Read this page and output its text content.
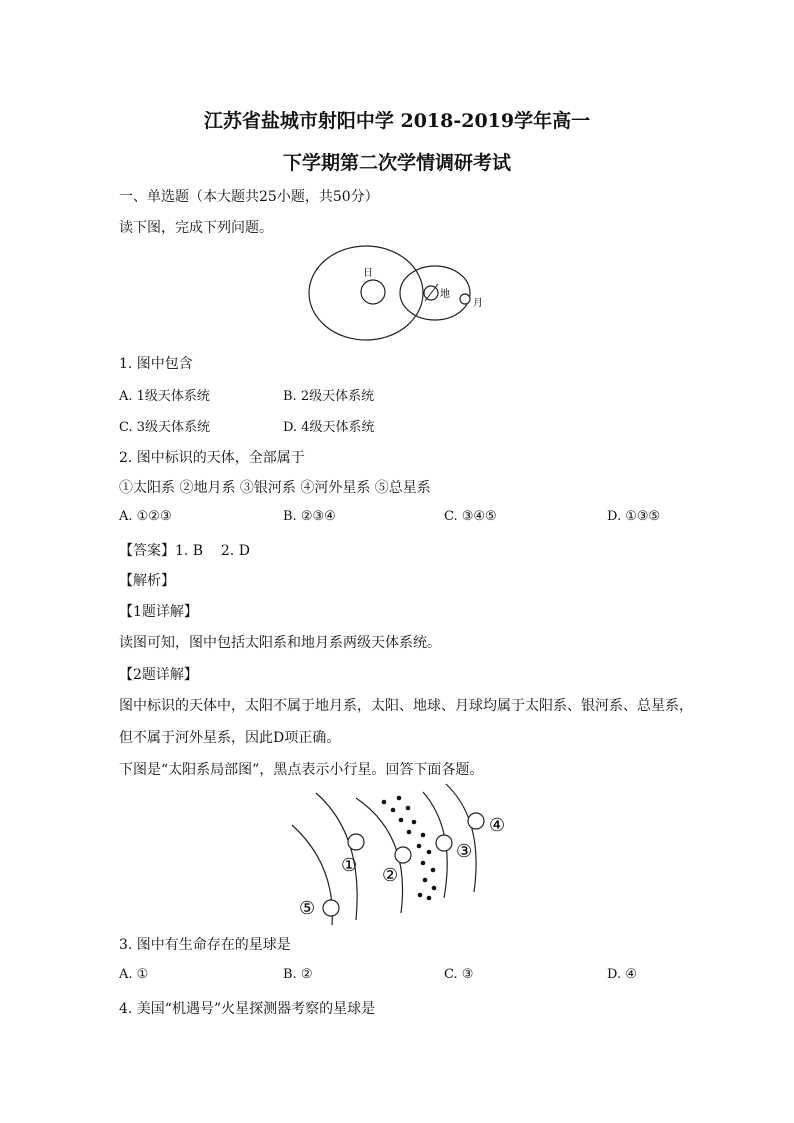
江苏省盐城市射阳中学 2018-2019学年高一
下学期第二次学情调研考试
一、单选题（本大题共25小题，共50分）
读下图，完成下列问题。
日
地
月
1. 图中包含
A. 1级天体系统	B. 2级天体系统
C. 3级天体系统	D. 4级天体系统
2. 图中标识的天体，全部属于
①太阳系 ②地月系 ③银河系 ④河外星系 ⑤总星系
A. ①②③	B. ②③④	C. ③④⑤	D. ①③⑤
【答案】1. B    2. D
【解析】
【1题详解】
读图可知，图中包括太阳系和地月系两级天体系统。
【2题详解】
图中标识的天体中，太阳不属于地月系，太阳、地球、月球均属于太阳系、银河系、总星系，
但不属于河外星系，因此D项正确。
下图是“太阳系局部图”，黑点表示小行星。回答下面各题。
⑤
① ②
③
④
3. 图中有生命存在的星球是
A. ①	B. ②	C. ③	D. ④
4. 美国“机遇号”火星探测器考察的星球是
